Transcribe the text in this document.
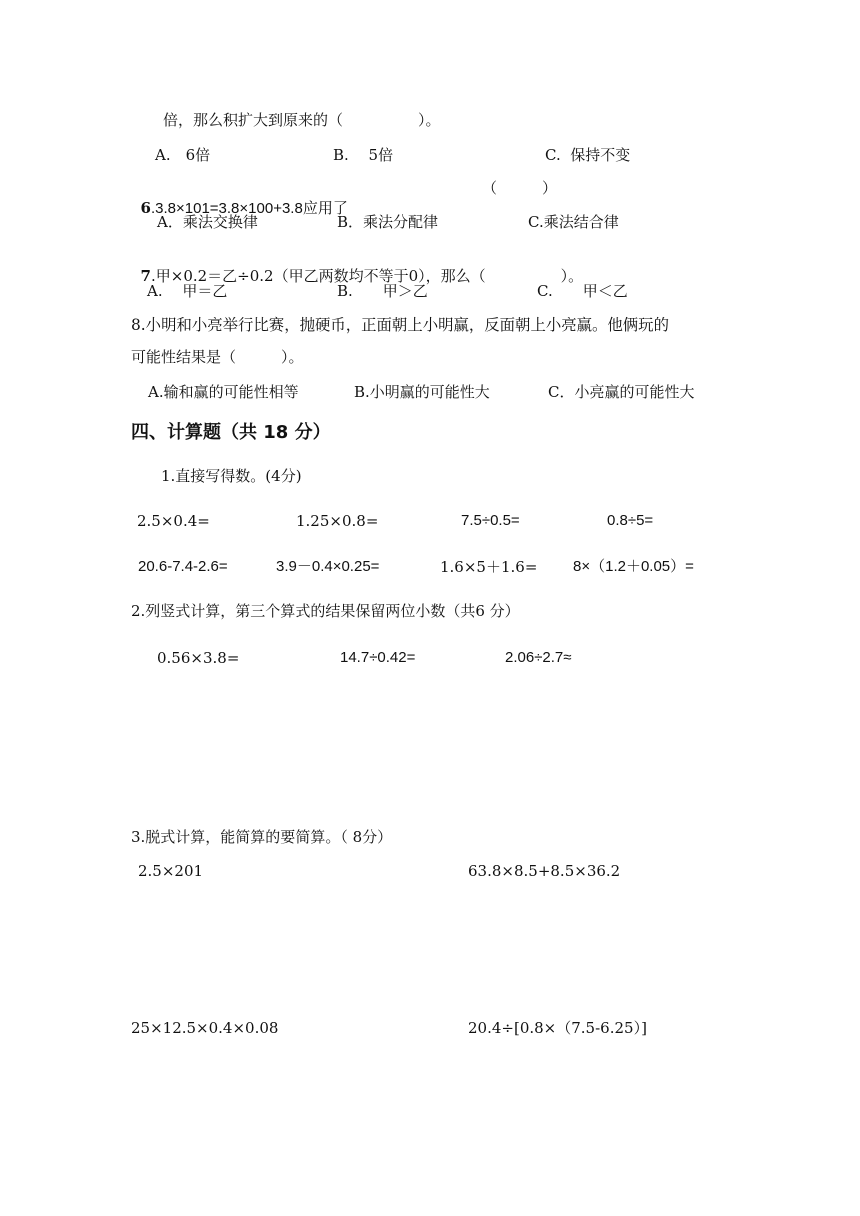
倍，那么积扩大到原来的（　　　　　）。
A.　6倍	B.　 5倍	C.  保持不变

6.3.8×101=3.8×100+3.8应用了

（　　　）
A．乘法交换律	B．乘法分配律	C.乘法结合律

7.甲×0.2＝乙÷0.2（甲乙两数均不等于0），那么（　　　　　）。

A.　 甲＝乙	B.　　甲＞乙	C.　　甲＜乙
8.小明和小亮举行比赛，抛硬币，正面朝上小明赢，反面朝上小亮赢。他俩玩的
可能性结果是（　　　）。
A.输和赢的可能性相等	B.小明赢的可能性大	C．小亮赢的可能性大
四、计算题（共 18 分）
1.直接写得数。(4分)
2.5×0.4=	1.25×0.8=	7.5÷0.5=	0.8÷5=
20.6-7.4-2.6=	3.9－0.4×0.25=	1.6×5＋1.6= 8×（1.2＋0.05）=
2.列竖式计算，第三个算式的结果保留两位小数（共6 分）
0.56×3.8=	14.7÷0.42=	2.06÷2.7≈
3.脱式计算，能简算的要简算。（ 8分）
2.5×201	63.8×8.5+8.5×36.2
25×12.5×0.4×0.08	20.4÷[0.8×（7.5-6.25）]
